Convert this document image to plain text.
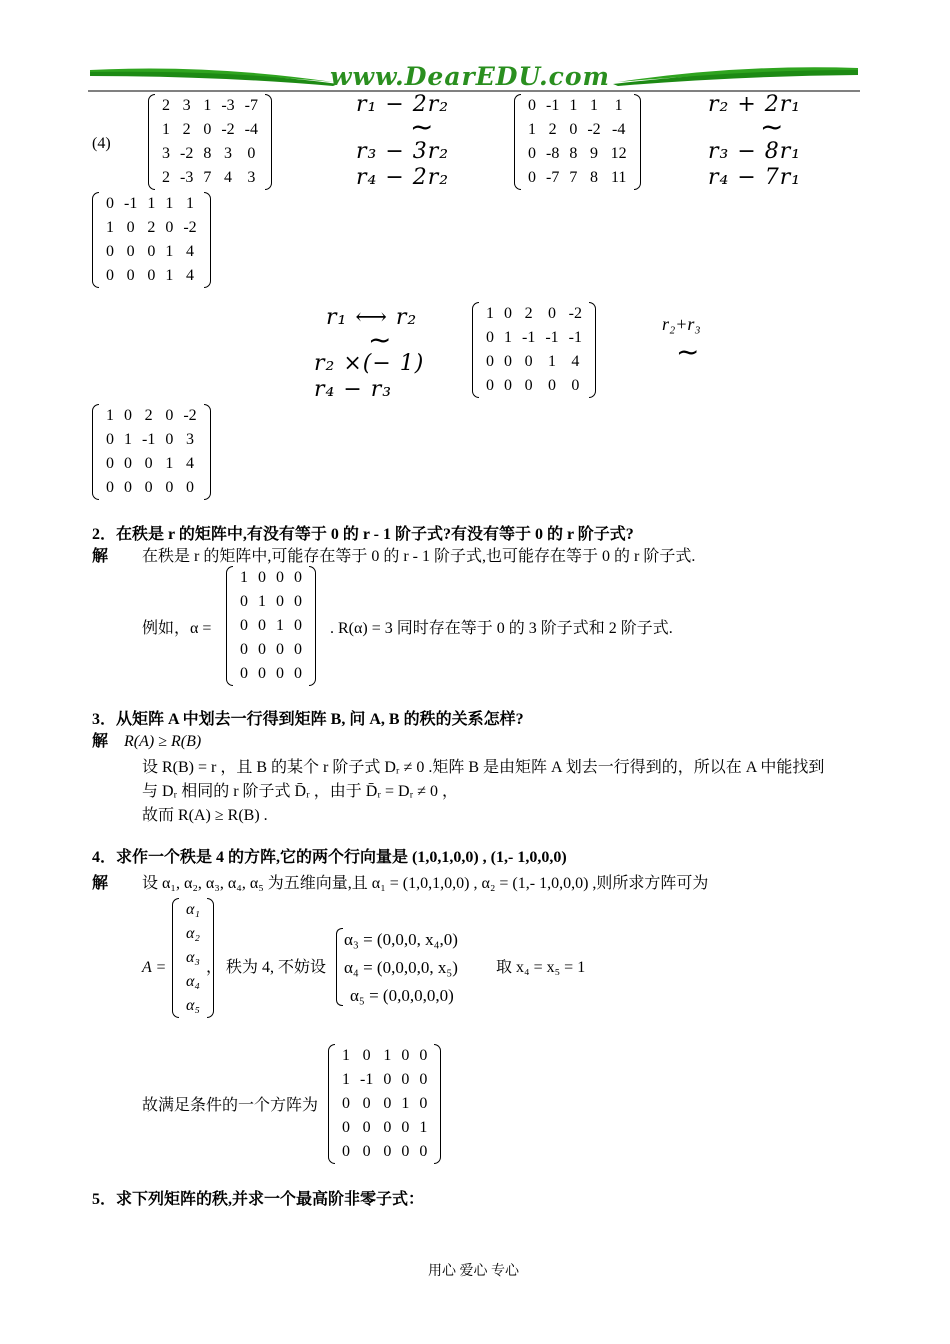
www.DearEDU.com
(4)
2	3	1	-3	-7
1	2	0	-2	-4
3	-2	8	3	0
2	-3	7	4	3
r₁ − 2r₂
~
r₃ − 3r₂
r₄ − 2r₂
0	-1	1	1	1
1	2	0	-2	-4
0	-8	8	9	12
0	-7	7	8	11
r₂ + 2r₁
~
r₃ − 8r₁
r₄ − 7r₁
0	-1	1	1	1
1	0	2	0	-2
0	0	0	1	4
0	0	0	1	4
r₁ ⟷ r₂
~
r₂ ×(− 1)
r₄ − r₃
1	0	2	0	-2
0	1	-1	-1	-1
0	0	0	1	4
0	0	0	0	0
r₂+r₃
~
1	0	2	0	-2
0	1	-1	0	3
0	0	0	1	4
0	0	0	0	0
2．在秩是 r 的矩阵中,有没有等于 0 的 r - 1 阶子式?有没有等于 0 的 r 阶子式?
解 在秩是 r 的矩阵中,可能存在等于 0 的 r - 1 阶子式,也可能存在等于 0 的 r 阶子式.
例如，α =
1	0	0	0
0	1	0	0
0	0	1	0
0	0	0	0
0	0	0	0
. R(α) = 3 同时存在等于 0 的 3 阶子式和 2 阶子式.
3．从矩阵 A 中划去一行得到矩阵 B, 问 A, B 的秩的关系怎样?
解 R(A) ≥ R(B)
设 R(B) = r ，且 B 的某个 r 阶子式 Dᵣ ≠ 0 .矩阵 B 是由矩阵 A 划去一行得到的，所以在 A 中能找到
与 Dᵣ 相同的 r 阶子式 D̄ᵣ ，由于 D̄ᵣ = Dᵣ ≠ 0 ，
故而 R(A) ≥ R(B) .
4．求作一个秩是 4 的方阵,它的两个行向量是 (1,0,1,0,0) , (1,- 1,0,0,0)
解 设 α₁, α₂, α₃, α₄, α₅ 为五维向量,且 α₁ = (1,0,1,0,0) , α₂ = (1,- 1,0,0,0) ,则所求方阵可为
A =
α₁
α₂
α₃
α₄
α₅
， 秩为 4, 不妨设
α₃ = (0,0,0, x₄,0)
α₄ = (0,0,0,0, x₅)
α₅ = (0,0,0,0,0)
取 x₄ = x₅ = 1
故满足条件的一个方阵为
1	0	1	0	0
1	-1	0	0	0
0	0	0	1	0
0	0	0	0	1
0	0	0	0	0
5．求下列矩阵的秩,并求一个最高阶非零子式：
用心 爱心 专心
